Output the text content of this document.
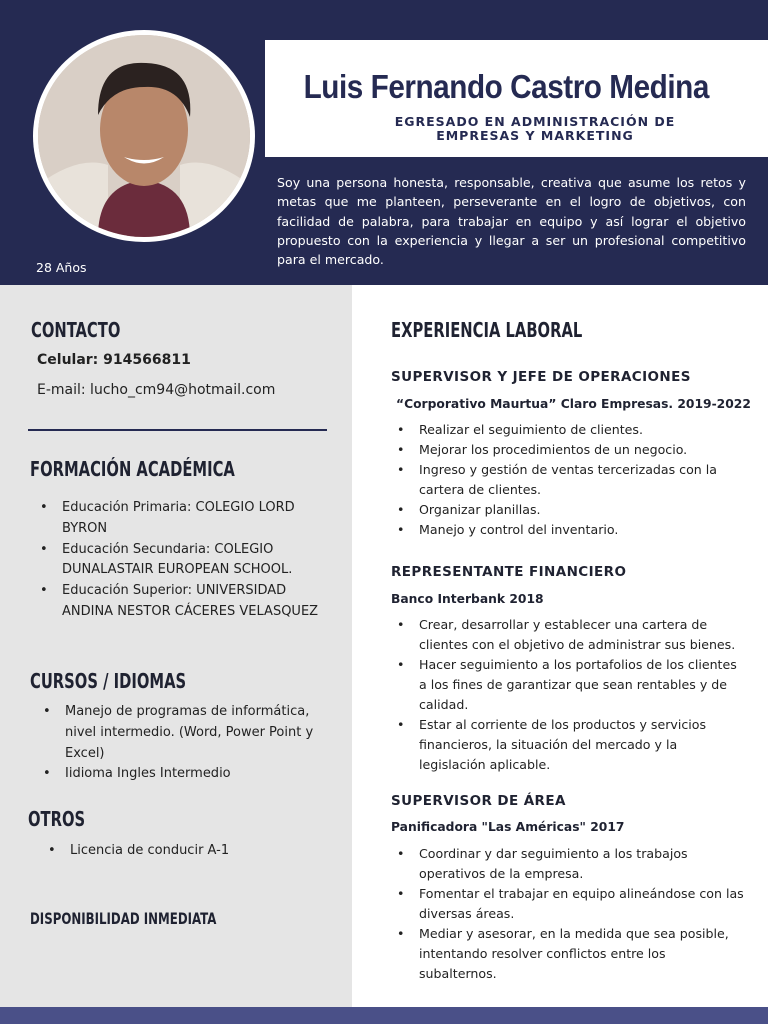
Luis Fernando Castro Medina
EGRESADO EN ADMINISTRACIÓN DE
EMPRESAS Y MARKETING
Soy una persona honesta, responsable, creativa que asume los retos y metas que me planteen, perseverante en el logro de objetivos, con facilidad de palabra, para trabajar en equipo y así lograr el objetivo propuesto con la experiencia y llegar a ser un profesional competitivo para el mercado.
28 Años
CONTACTO
Celular: 914566811
E-mail: lucho_cm94@hotmail.com
FORMACIÓN ACADÉMICA
• Educación Primaria: COLEGIO LORD BYRON
• Educación Secundaria: COLEGIO DUNALASTAIR EUROPEAN SCHOOL.
• Educación Superior: UNIVERSIDAD ANDINA NESTOR CÁCERES VELASQUEZ
CURSOS / IDIOMAS
• Manejo de programas de informática, nivel intermedio. (Word, Power Point y Excel)
• Iidioma Ingles Intermedio
OTROS
• Licencia de conducir A-1
DISPONIBILIDAD INMEDIATA
EXPERIENCIA LABORAL
SUPERVISOR Y JEFE DE OPERACIONES
“Corporativo Maurtua” Claro Empresas. 2019-2022
• Realizar el seguimiento de clientes.
• Mejorar los procedimientos de un negocio.
• Ingreso y gestión de ventas tercerizadas con la cartera de clientes.
• Organizar planillas.
• Manejo y control del inventario.
REPRESENTANTE FINANCIERO
Banco Interbank 2018
• Crear, desarrollar y establecer una cartera de clientes con el objetivo de administrar sus bienes.
• Hacer seguimiento a los portafolios de los clientes a los fines de garantizar que sean rentables y de calidad.
• Estar al corriente de los productos y servicios financieros, la situación del mercado y la legislación aplicable.
SUPERVISOR DE ÁREA
Panificadora "Las Américas" 2017
• Coordinar y dar seguimiento a los trabajos operativos de la empresa.
• Fomentar el trabajar en equipo alineándose con las diversas áreas.
• Mediar y asesorar, en la medida que sea posible, intentando resolver conflictos entre los subalternos.
